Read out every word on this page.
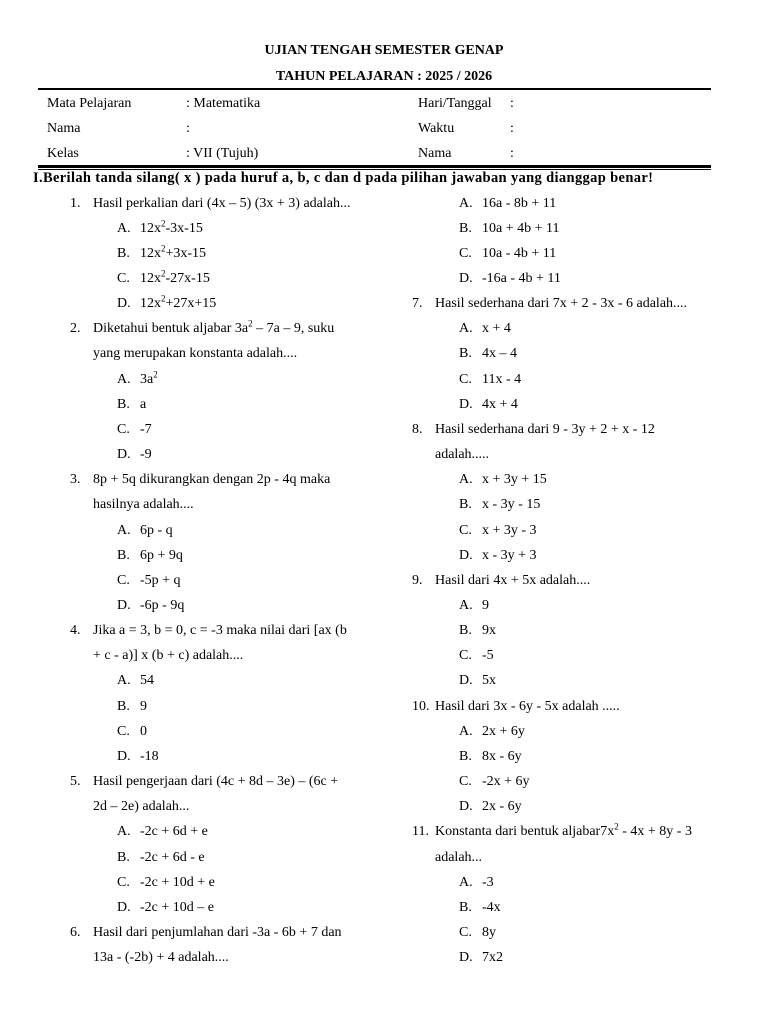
UJIAN TENGAH SEMESTER GENAP
TAHUN PELAJARAN : 2025 / 2026
Mata Pelajaran	: Matematika	Hari/Tanggal :
Nama	:	Waktu	:
Kelas	: VII (Tujuh)	Nama	:
I.Berilah tanda silang( x ) pada huruf a, b, c dan d pada pilihan jawaban yang dianggap benar!
1. Hasil perkalian dari (4x – 5) (3x + 3) adalah...
A. $12x^2-3x-15$
B. $12x^2+3x-15$
C. $12x^2-27x-15$
D. $12x^2+27x+15$
2. Diketahui bentuk aljabar $3a^2 - 7a - 9$, suku
yang merupakan konstanta adalah....
A. $3a^2$
B. a
C. -7
D. -9
3. 8p + 5q dikurangkan dengan 2p - 4q maka
hasilnya adalah....
A. 6p - q
B. 6p + 9q
C. -5p + q
D. -6p - 9q
4. Jika a = 3, b = 0, c = -3 maka nilai dari [ax (b
+ c - a)] x (b + c) adalah....
A. 54
B. 9
C. 0
D. -18
5. Hasil pengerjaan dari (4c + 8d – 3e) – (6c +
2d – 2e) adalah...
A. -2c + 6d + e
B. -2c + 6d - e
C. -2c + 10d + e
D. -2c + 10d – e
6. Hasil dari penjumlahan dari -3a - 6b + 7 dan
13a - (-2b) + 4 adalah....
A. 16a - 8b + 11
B. 10a + 4b + 11
C. 10a - 4b + 11
D. -16a - 4b + 11
7. Hasil sederhana dari 7x + 2 - 3x - 6 adalah....
A. x + 4
B. 4x – 4
C. 11x - 4
D. 4x + 4
8. Hasil sederhana dari 9 - 3y + 2 + x - 12
adalah.....
A. x + 3y + 15
B. x - 3y - 15
C. x + 3y - 3
D. x - 3y + 3
9. Hasil dari 4x + 5x adalah....
A. 9
B. 9x
C. -5
D. 5x
10. Hasil dari 3x - 6y - 5x adalah .....
A. 2x + 6y
B. 8x - 6y
C. -2x + 6y
D. 2x - 6y
11. Konstanta dari bentuk $aljabar7x^2 - 4x + 8y - 3$
adalah...
A. -3
B. -4x
C. 8y
D. 7x2
